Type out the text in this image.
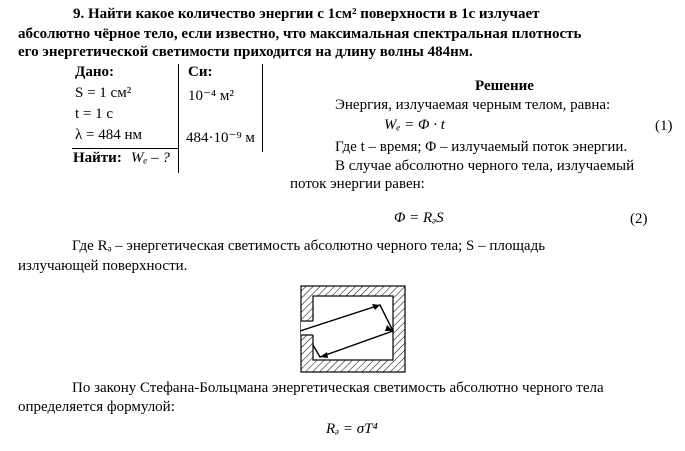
9. Найти какое количество энергии с 1см² поверхности в 1с излучает
абсолютно чёрное тело, если известно, что максимальная спектральная плотность
его энергетической светимости приходится на длину волны 484нм.
Дано:
S = 1 см²
t = 1 с
λ = 484 нм
Найти: Wₑ – ?
Си:
10⁻⁴ м²
484·10⁻⁹ м
Решение
Энергия, излучаемая черным телом, равна:
Wₑ = Φ · t	(1)
Где t – время; Φ – излучаемый поток энергии.
В случае абсолютно черного тела, излучаемый
поток энергии равен:
Φ = RₔS	(2)
Где Rₔ – энергетическая светимость абсолютно черного тела; S – площадь
излучающей поверхности.
По закону Стефана-Больцмана энергетическая светимость абсолютно черного тела
определяется формулой:
Rₔ = σT⁴
